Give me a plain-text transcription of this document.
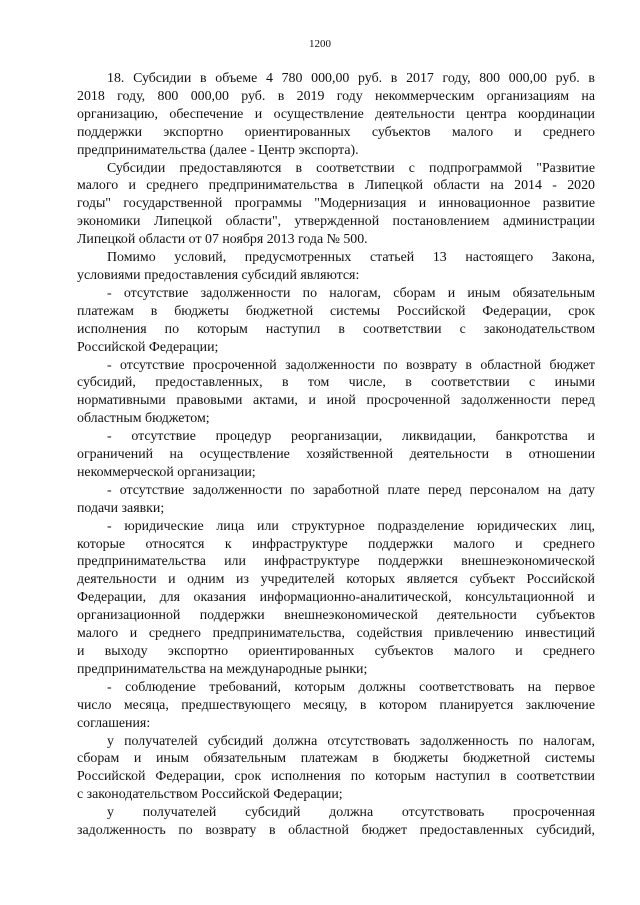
1200

18. Субсидии в объеме 4 780 000,00 руб. в 2017 году, 800 000,00 руб. в
2018 году, 800 000,00 руб. в 2019 году некоммерческим организациям на
организацию, обеспечение и осуществление деятельности центра координации
поддержки экспортно ориентированных субъектов малого и среднего
предпринимательства (далее - Центр экспорта).

Субсидии предоставляются в соответствии с подпрограммой "Развитие
малого и среднего предпринимательства в Липецкой области на 2014 - 2020
годы" государственной программы "Модернизация и инновационное развитие
экономики Липецкой области", утвержденной постановлением администрации
Липецкой области от 07 ноября 2013 года № 500.

Помимо условий, предусмотренных статьей 13 настоящего Закона,
условиями предоставления субсидий являются:

- отсутствие задолженности по налогам, сборам и иным обязательным
платежам в бюджеты бюджетной системы Российской Федерации, срок
исполнения по которым наступил в соответствии с законодательством
Российской Федерации;

- отсутствие просроченной задолженности по возврату в областной бюджет
субсидий, предоставленных, в том числе, в соответствии с иными
нормативными правовыми актами, и иной просроченной задолженности перед
областным бюджетом;

- отсутствие процедур реорганизации, ликвидации, банкротства и
ограничений на осуществление хозяйственной деятельности в отношении
некоммерческой организации;

- отсутствие задолженности по заработной плате перед персоналом на дату
подачи заявки;

- юридические лица или структурное подразделение юридических лиц,
которые относятся к инфраструктуре поддержки малого и среднего
предпринимательства или инфраструктуре поддержки внешнеэкономической
деятельности и одним из учредителей которых является субъект Российской
Федерации, для оказания информационно-аналитической, консультационной и
организационной поддержки внешнеэкономической деятельности субъектов
малого и среднего предпринимательства, содействия привлечению инвестиций
и выходу экспортно ориентированных субъектов малого и среднего
предпринимательства на международные рынки;

- соблюдение требований, которым должны соответствовать на первое
число месяца, предшествующего месяцу, в котором планируется заключение
соглашения:

у получателей субсидий должна отсутствовать задолженность по налогам,
сборам и иным обязательным платежам в бюджеты бюджетной системы
Российской Федерации, срок исполнения по которым наступил в соответствии
с законодательством Российской Федерации;

у получателей субсидий должна отсутствовать просроченная
задолженность по возврату в областной бюджет предоставленных субсидий,
